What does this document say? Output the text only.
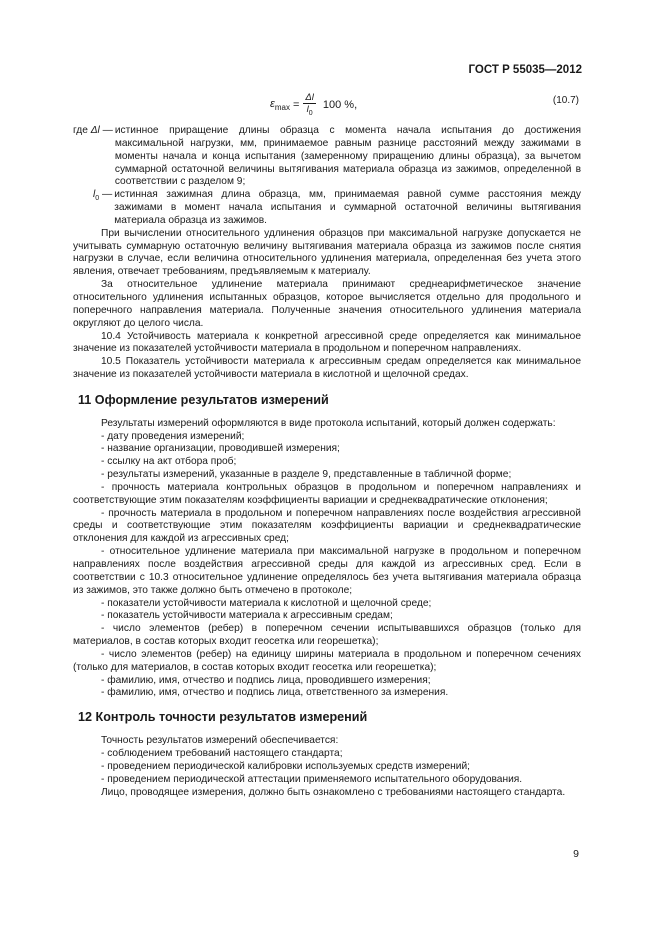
ГОСТ Р 55035—2012
$\varepsilon_{max} = \frac{\Delta l}{l_0} 100$ %,	(10.7)
где Δl — истинное приращение длины образца с момента начала испытания до достижения максимальной нагрузки, мм, принимаемое равным разнице расстояний между зажимами в моменты начала и конца испытания (замеренному приращению длины образца), за вычетом суммарной остаточной величины вытягивания материала образца из зажимов, определенной в соответствии с разделом 9;
$l_0$ — истинная зажимная длина образца, мм, принимаемая равной сумме расстояния между зажимами в момент начала испытания и суммарной остаточной величины вытягивания материала образца из зажимов.

При вычислении относительного удлинения образцов при максимальной нагрузке допускается не учитывать суммарную остаточную величину вытягивания материала образца из зажимов после снятия нагрузки в случае, если величина относительного удлинения материала, определенная без учета этого явления, отвечает требованиям, предъявляемым к материалу.

За относительное удлинение материала принимают среднеарифметическое значение относительного удлинения испытанных образцов, которое вычисляется отдельно для продольного и поперечного направления материала. Полученные значения относительного удлинения материала округляют до целого числа.

10.4 Устойчивость материала к конкретной агрессивной среде определяется как минимальное значение из показателей устойчивости материала в продольном и поперечном направлениях.

10.5 Показатель устойчивости материала к агрессивным средам определяется как минимальное значение из показателей устойчивости материала в кислотной и щелочной средах.

11 Оформление результатов измерений

Результаты измерений оформляются в виде протокола испытаний, который должен содержать:

- дату проведения измерений;

- название организации, проводившей измерения;

- ссылку на акт отбора проб;

- результаты измерений, указанные в разделе 9, представленные в табличной форме;

- прочность материала контрольных образцов в продольном и поперечном направлениях и соответствующие этим показателям коэффициенты вариации и среднеквадратические отклонения;

- прочность материала в продольном и поперечном направлениях после воздействия агрессивной среды и соответствующие этим показателям коэффициенты вариации и среднеквадратические отклонения для каждой из агрессивных сред;

- относительное удлинение материала при максимальной нагрузке в продольном и поперечном направлениях после воздействия агрессивной среды для каждой из агрессивных сред. Если в соответствии с 10.3 относительное удлинение определялось без учета вытягивания материала образца из зажимов, это также должно быть отмечено в протоколе;

- показатели устойчивости материала к кислотной и щелочной среде;

- показатель устойчивости материала к агрессивным средам;

- число элементов (ребер) в поперечном сечении испытывавшихся образцов (только для материалов, в состав которых входит геосетка или георешетка);

- число элементов (ребер) на единицу ширины материала в продольном и поперечном сечениях (только для материалов, в состав которых входит геосетка или георешетка);

- фамилию, имя, отчество и подпись лица, проводившего измерения;

- фамилию, имя, отчество и подпись лица, ответственного за измерения.

12 Контроль точности результатов измерений

Точность результатов измерений обеспечивается:

- соблюдением требований настоящего стандарта;

- проведением периодической калибровки используемых средств измерений;

- проведением периодической аттестации применяемого испытательного оборудования.

Лицо, проводящее измерения, должно быть ознакомлено с требованиями настоящего стандарта.

9
